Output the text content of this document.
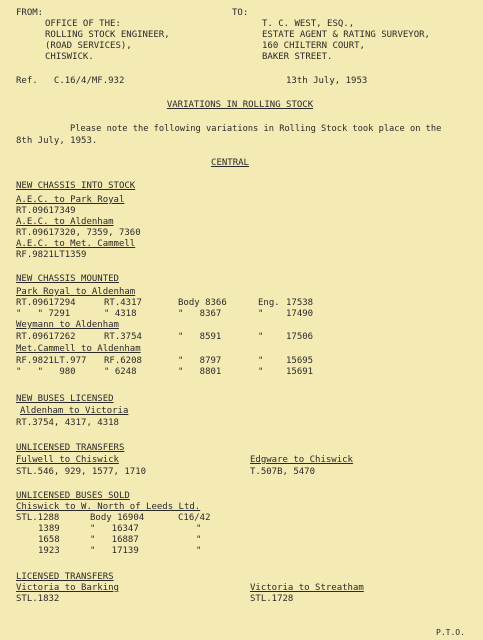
FROM:
OFFICE OF THE:
ROLLING STOCK ENGINEER,
(ROAD SERVICES),
CHISWICK.
TO:
T. C. WEST, ESQ.,
ESTATE AGENT & RATING SURVEYOR,
160 CHILTERN COURT,
BAKER STREET.
Ref.   C.16/4/MF.932	13th July, 1953
VARIATIONS IN ROLLING STOCK
Please note the following variations in Rolling Stock took place on the
8th July, 1953.
CENTRAL
NEW CHASSIS INTO STOCK
A.E.C. to Park Royal
RT.09617349
A.E.C. to Aldenham
RT.09617320, 7359, 7360
A.E.C. to Met. Cammell
RF.9821LT1359
NEW CHASSIS MOUNTED
Park Royal to Aldenham
RT.09617294	RT.4317	Body 8366	Eng. 17538
"   " 7291	" 4318	"   8367	"	17490
Weymann to Aldenham
RT.09617262	RT.3754	"   8591	"	17506
Met.Cammell to Aldenham
RF.9821LT.977 RF.6208	"   8797	"	15695
"   "   980	" 6248	"   8801	"	15691
NEW BUSES LICENSED
Aldenham to Victoria
RT.3754, 4317, 4318
UNLICENSED TRANSFERS
Fulwell to Chiswick
STL.546, 929, 1577, 1710
Edgware to Chiswick
T.507B, 5470
UNLICENSED BUSES SOLD
Chiswick to W. North of Leeds Ltd.
STL.1288	Body 16904	C16/42
1389	"   16347	"
1658	"   16887	"
1923	"   17139	"
LICENSED TRANSFERS
Victoria to Barking
STL.1832
Victoria to Streatham
STL.1728
P.T.O.
